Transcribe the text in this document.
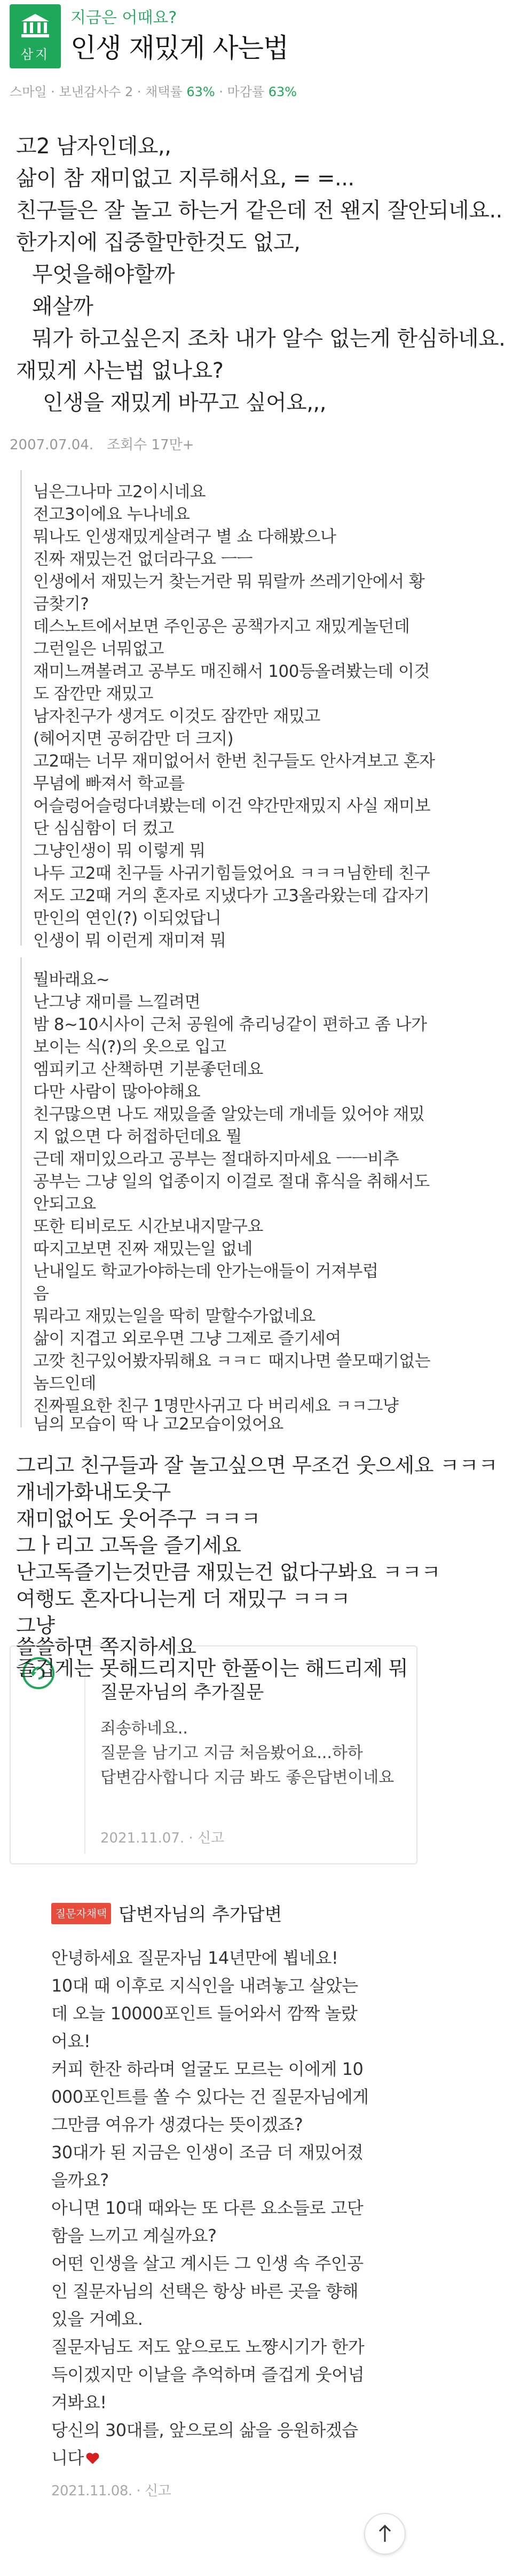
삼지
지금은 어때요?
인생 재밌게 사는법
스마일 · 보낸감사수 2 · 채택률 63% · 마감률 63%
고2 남자인데요,,
삶이 참 재미없고 지루해서요, = =...
친구들은 잘 놀고 하는거 같은데 전 왠지 잘안되네요..
한가지에 집중할만한것도 없고,
무엇을해야할까
왜살까
뭐가 하고싶은지 조차 내가 알수 없는게 한심하네요.
재밌게 사는법 없나요?
인생을 재밌게 바꾸고 싶어요,,,
2007.07.04. 조회수 17만+
님은그나마 고2이시네요
전고3이에요 누나네요
뭐나도 인생재밌게살려구 별 쇼 다해봤으나
진짜 재밌는건 없더라구요 ㅡㅡ
인생에서 재밌는거 찾는거란 뭐 뭐랄까 쓰레기안에서 황
금찾기?
데스노트에서보면 주인공은 공책가지고 재밌게놀던데
그런일은 너뭐없고
재미느껴볼려고 공부도 매진해서 100등올려봤는데 이것
도 잠깐만 재밌고
남자친구가 생겨도 이것도 잠깐만 재밌고
(헤어지면 공허감만 더 크지)
고2때는 너무 재미없어서 한번 친구들도 안사겨보고 혼자
무념에 빠져서 학교를
어슬렁어슬렁다녀봤는데 이건 약간만재밌지 사실 재미보
단 심심함이 더 컸고
그냥인생이 뭐 이렇게 뭐
나두 고2때 친구들 사귀기힘들었어요 ㅋㅋㅋ님한테 친구
저도 고2때 거의 혼자로 지냈다가 고3올라왔는데 갑자기
만인의 연인(?) 이되었답니
인생이 뭐 이런게 재미져 뭐
뭘바래요~
난그냥 재미를 느낄려면
밤 8~10시사이 근처 공원에 츄리닝같이 편하고 좀 나가
보이는 식(?)의 옷으로 입고
엠피키고 산책하면 기분좋던데요
다만 사람이 많아야해요
친구많으면 나도 재밌을줄 알았는데 개네들 있어야 재밌
지 없으면 다 허접하던데요 뭘
근데 재미있으라고 공부는 절대하지마세요 ㅡㅡ비추
공부는 그냥 일의 업종이지 이걸로 절대 휴식을 취해서도
안되고요
또한 티비로도 시간보내지말구요
따지고보면 진짜 재밌는일 없네
난내일도 학교가야하는데 안가는애들이 거져부럽
음
뭐라고 재밌는일을 딱히 말할수가없네요
삶이 지겹고 외로우면 그냥 그제로 즐기세여
고깟 친구있어봤자뭐해요 ㅋㅋㄷ 때지나면 쓸모때기없는
놈드인데
진짜필요한 친구 1명만사귀고 다 버리세요 ㅋㅋ그냥
님의 모습이 딱 나 고2모습이었어요
그리고 친구들과 잘 놀고싶으면 무조건 웃으세요 ㅋㅋㅋ
개네가화내도웃구
재미없어도 웃어주구 ㅋㅋㅋ
그ㅏ리고 고독을 즐기세요
난고독즐기는것만큼 재밌는건 없다구봐요 ㅋㅋㅋ
여행도 혼자다니는게 더 재밌구 ㅋㅋㅋ
그냥
질문자님의 추가질문
죄송하네요..
질문을 남기고 지금 처음봤어요...하하
답변감사합니다 지금 봐도 좋은답변이네요
2021.11.07. · 신고
질문자채택 답변자님의 추가답변
안녕하세요 질문자님 14년만에 뵙네요!
10대 때 이후로 지식인을 내려놓고 살았는
데 오늘 10000포인트 들어와서 깜짝 놀랐
어요!
커피 한잔 하라며 얼굴도 모르는 이에게 10
000포인트를 쏠 수 있다는 건 질문자님에게
그만큼 여유가 생겼다는 뜻이겠죠?
30대가 된 지금은 인생이 조금 더 재밌어졌
을까요?
아니면 10대 때와는 또 다른 요소들로 고단
함을 느끼고 계실까요?
어떤 인생을 살고 계시든 그 인생 속 주인공
인 질문자님의 선택은 항상 바른 곳을 향해
있을 거예요.
질문자님도 저도 앞으로도 노쨩시기가 한가
득이겠지만 이날을 추억하며 즐겁게 웃어넘
겨봐요!
당신의 30대를, 앞으로의 삶을 응원하겠습
니다
2021.11.08. · 신고
쓸쓸하면 쪽지하세요
즐겁게는 못해드리지만 한풀이는 해드리제 뭐
